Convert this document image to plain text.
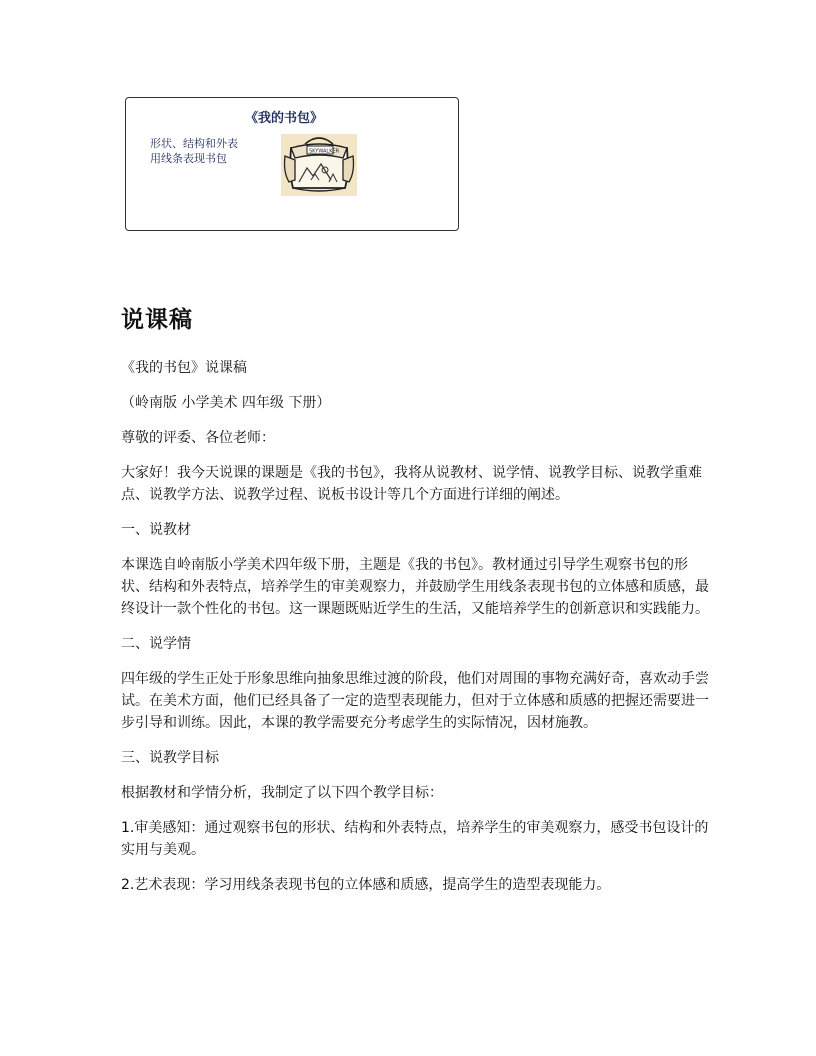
《我的书包》
形状、结构和外表
用线条表现书包
SKYWALKER
说课稿

《我的书包》说课稿

（岭南版 小学美术 四年级 下册）

尊敬的评委、各位老师：

大家好！我今天说课的课题是《我的书包》，我将从说教材、说学情、说教学目标、说教学重难点、说教学方法、说教学过程、说板书设计等几个方面进行详细的阐述。

一、说教材

本课选自岭南版小学美术四年级下册，主题是《我的书包》。教材通过引导学生观察书包的形状、结构和外表特点，培养学生的审美观察力，并鼓励学生用线条表现书包的立体感和质感，最终设计一款个性化的书包。这一课题既贴近学生的生活，又能培养学生的创新意识和实践能力。

二、说学情

四年级的学生正处于形象思维向抽象思维过渡的阶段，他们对周围的事物充满好奇，喜欢动手尝试。在美术方面，他们已经具备了一定的造型表现能力，但对于立体感和质感的把握还需要进一步引导和训练。因此，本课的教学需要充分考虑学生的实际情况，因材施教。

三、说教学目标

根据教材和学情分析，我制定了以下四个教学目标：

1.审美感知：通过观察书包的形状、结构和外表特点，培养学生的审美观察力，感受书包设计的实用与美观。

2.艺术表现：学习用线条表现书包的立体感和质感，提高学生的造型表现能力。
